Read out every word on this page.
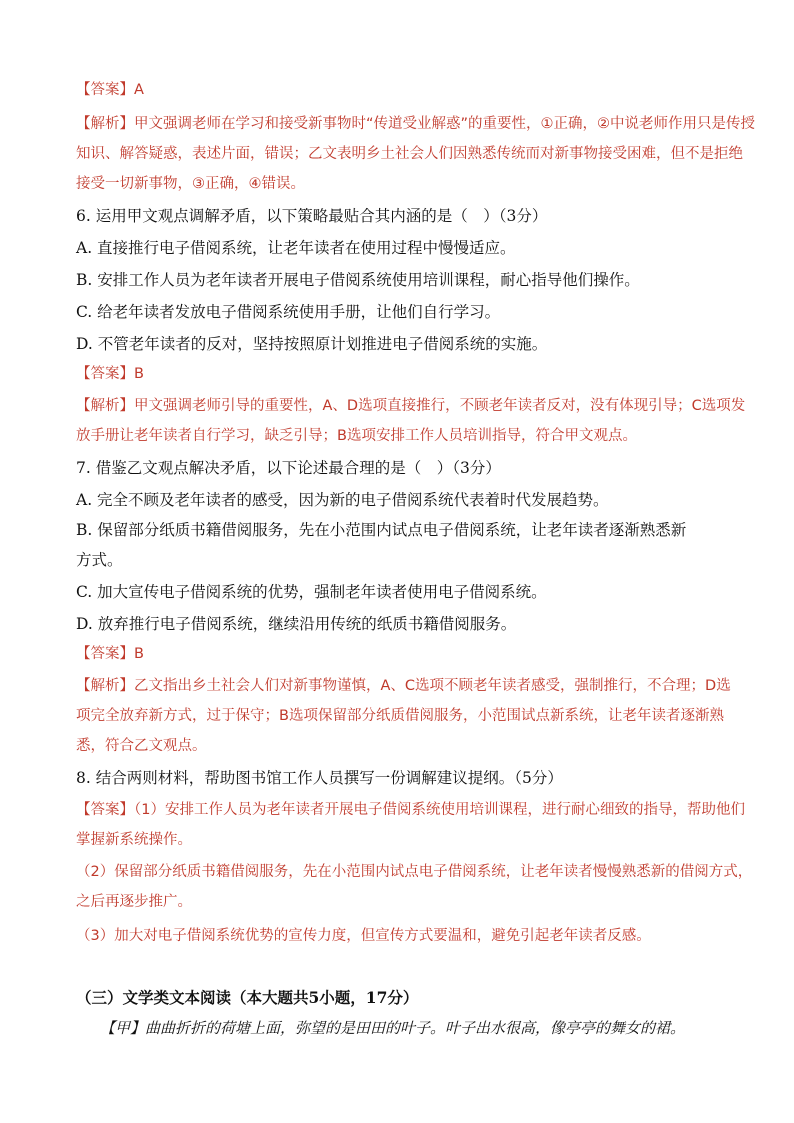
【答案】A
【解析】甲文强调老师在学习和接受新事物时“传道受业解惑”的重要性，①正确，②中说老师作用只是传授
知识、解答疑惑，表述片面，错误；乙文表明乡土社会人们因熟悉传统而对新事物接受困难，但不是拒绝
接受一切新事物，③正确，④错误。
6. 运用甲文观点调解矛盾，以下策略最贴合其内涵的是（　）（3分）
A. 直接推行电子借阅系统，让老年读者在使用过程中慢慢适应。
B. 安排工作人员为老年读者开展电子借阅系统使用培训课程，耐心指导他们操作。
C. 给老年读者发放电子借阅系统使用手册，让他们自行学习。
D. 不管老年读者的反对，坚持按照原计划推进电子借阅系统的实施。
【答案】B
【解析】甲文强调老师引导的重要性，A、D选项直接推行，不顾老年读者反对，没有体现引导；C选项发
放手册让老年读者自行学习，缺乏引导；B选项安排工作人员培训指导，符合甲文观点。
7. 借鉴乙文观点解决矛盾，以下论述最合理的是（　）（3分）
A. 完全不顾及老年读者的感受，因为新的电子借阅系统代表着时代发展趋势。
B. 保留部分纸质书籍借阅服务，先在小范围内试点电子借阅系统，让老年读者逐渐熟悉新
方式。
C. 加大宣传电子借阅系统的优势，强制老年读者使用电子借阅系统。
D. 放弃推行电子借阅系统，继续沿用传统的纸质书籍借阅服务。
【答案】B
【解析】乙文指出乡土社会人们对新事物谨慎，A、C选项不顾老年读者感受，强制推行，不合理；D选
项完全放弃新方式，过于保守；B选项保留部分纸质借阅服务，小范围试点新系统，让老年读者逐渐熟
悉，符合乙文观点。
8. 结合两则材料，帮助图书馆工作人员撰写一份调解建议提纲。（5分）
【答案】（1）安排工作人员为老年读者开展电子借阅系统使用培训课程，进行耐心细致的指导，帮助他们
掌握新系统操作。
（2）保留部分纸质书籍借阅服务，先在小范围内试点电子借阅系统，让老年读者慢慢熟悉新的借阅方式，
之后再逐步推广。
（3）加大对电子借阅系统优势的宣传力度，但宣传方式要温和，避免引起老年读者反感。
（三）文学类文本阅读（本大题共5小题，17分）
【甲】曲曲折折的荷塘上面，弥望的是田田的叶子。叶子出水很高，像亭亭的舞女的裙。
